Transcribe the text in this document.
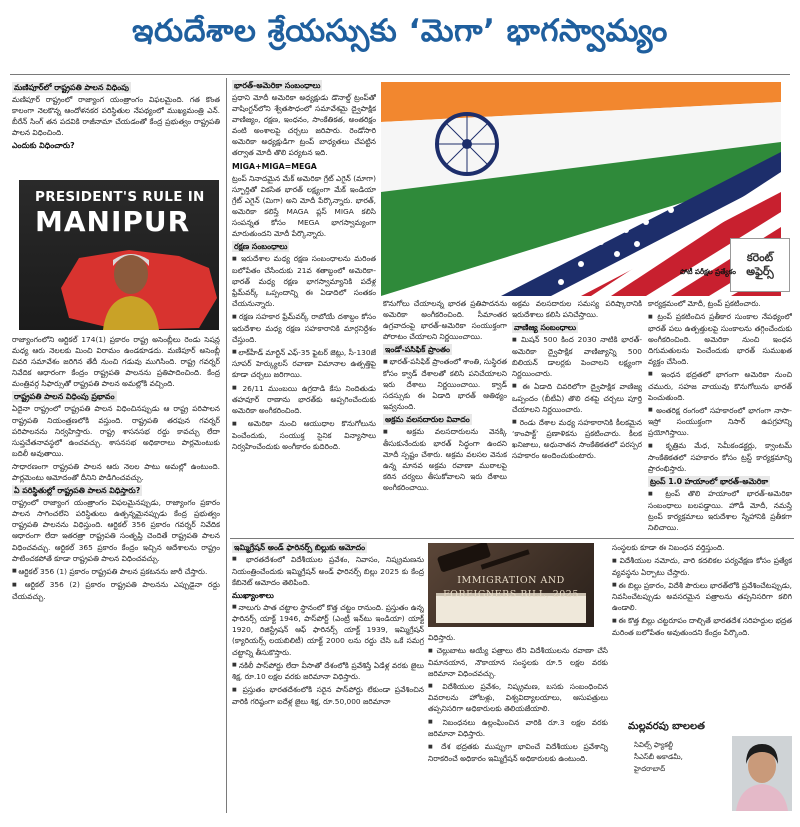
ఇరుదేశాల శ్రేయస్సుకు ‘మెగా’ భాగస్వామ్యం
మణిపూర్‌లో రాష్ట్రపతి పాలన విధింపు

మణిపూర్ రాష్ట్రంలో రాజ్యాంగ యంత్రాంగం విఫలమైంది. గత కొంత కాలంగా నెలకొన్న ఆందోళనకర పరిస్థితుల నేపథ్యంలో ముఖ్యమంత్రి ఎన్. బీరేన్ సింగ్ తన పదవికి రాజీనామా చేయడంతో కేంద్ర ప్రభుత్వం రాష్ట్రపతి పాలన విధించింది.

ఎందుకు విధించారు?
PRESIDENT'S RULE IN
MANIPUR

రాజ్యాంగంలోని ఆర్టికల్ 174(1) ప్రకారం రాష్ట్ర అసెంబ్లీలు రెండు సెషన్ల మధ్య ఆరు నెలలకు మించి విరామం ఉండకూడదు. మణిపూర్ అసెంబ్లీ చివరి సమావేశం జరిగిన తేదీ నుంచి గడువు ముగిసింది. రాష్ట్ర గవర్నర్ నివేదిక ఆధారంగా కేంద్రం రాష్ట్రపతి పాలనను ప్రతిపాదించింది. కేంద్ర మంత్రివర్గ సిఫార్సుతో రాష్ట్రపతి పాలన అమల్లోకి వచ్చింది.

రాష్ట్రపతి పాలన విధింపు ప్రభావం

ఏదైనా రాష్ట్రంలో రాష్ట్రపతి పాలన విధించినప్పుడు ఆ రాష్ట్ర పరిపాలన రాష్ట్రపతి నియంత్రణలోకి వస్తుంది. రాష్ట్రపతి తరఫున గవర్నర్ పరిపాలనను నిర్వహిస్తారు. రాష్ట్ర శాసనసభ రద్దు కావచ్చు లేదా సుప్తచేతనావస్థలో ఉంచవచ్చు. శాసనసభ అధికారాలు పార్లమెంటుకు బదిలీ అవుతాయి.

సాధారణంగా రాష్ట్రపతి పాలన ఆరు నెలల పాటు అమల్లో ఉంటుంది. పార్లమెంటు ఆమోదంతో దీనిని పొడిగించవచ్చు.

ఏ పరిస్థితుల్లో రాష్ట్రపతి పాలన విధిస్తారు?

రాష్ట్రంలో రాజ్యాంగ యంత్రాంగం విఫలమైనప్పుడు, రాజ్యాంగం ప్రకారం పాలన సాగించలేని పరిస్థితులు ఉత్పన్నమైనప్పుడు కేంద్ర ప్రభుత్వం రాష్ట్రపతి పాలనను విధిస్తుంది. ఆర్టికల్ 356 ప్రకారం గవర్నర్ నివేదిక ఆధారంగా లేదా ఇతరత్రా రాష్ట్రపతి సంతృప్తి చెందితే రాష్ట్రపతి పాలన విధించవచ్చు. ఆర్టికల్ 365 ప్రకారం కేంద్రం ఇచ్చిన ఆదేశాలను రాష్ట్రం పాటించకపోతే కూడా రాష్ట్రపతి పాలన విధించవచ్చు.

■ ఆర్టికల్ 356 (1) ప్రకారం రాష్ట్రపతి పాలన ప్రకటనను జారీ చేస్తారు.

■ ఆర్టికల్ 356 (2) ప్రకారం రాష్ట్రపతి పాలనను ఎప్పుడైనా రద్దు చేయవచ్చు.

భారత్-అమెరికా సంబంధాలు

ప్రధాని మోదీ అమెరికా అధ్యక్షుడు డొనాల్డ్ ట్రంప్‌తో వాషింగ్టన్‌లోని శ్వేతసౌధంలో సమావేశమై ద్వైపాక్షిక వాణిజ్యం, రక్షణ, ఇంధనం, సాంకేతికత, అంతరిక్షం వంటి అంశాలపై చర్చలు జరిపారు. రెండోసారి అమెరికా అధ్యక్షుడిగా ట్రంప్ బాధ్యతలు చేపట్టిన తర్వాత మోదీ తొలి పర్యటన ఇది.

MIGA+MIGA=MEGA

ట్రంప్ నినాదమైన మేక్ అమెరికా గ్రేట్ ఎగైన్ (మాగా) స్ఫూర్తితో వికసిత భారత్ లక్ష్యంగా మేక్ ఇండియా గ్రేట్ ఎగైన్ (మిగా) అని మోదీ పేర్కొన్నారు. భారత్, అమెరికా కలిస్తే MAGA ప్లస్ MIGA కలిసి సంపన్నత కోసం MEGA భాగస్వామ్యంగా మారుతుందని మోదీ పేర్కొన్నారు.

రక్షణ సంబంధాలు

■ ఇరుదేశాల మధ్య రక్షణ సంబంధాలను మరింత బలోపేతం చేసేందుకు 21వ శతాబ్దంలో అమెరికా-భారత్ మధ్య రక్షణ భాగస్వామ్యానికి పదేళ్ల ఫ్రేమ్‌వర్క్ ఒప్పందాన్ని ఈ ఏడాదిలో సంతకం చేయనున్నారు.

■ రక్షణ సహకార ఫ్రేమ్‌వర్క్ రాబోయే దశాబ్దం కోసం ఇరుదేశాల మధ్య రక్షణ సహకారానికి మార్గనిర్దేశం చేస్తుంది.

■ లాక్‌హీడ్ మార్టిన్ ఎఫ్-35 ఫైటర్ జెట్లు, సీ-130జే సూపర్ హెర్క్యులస్ రవాణా విమానాల ఉత్పత్తిపై కూడా చర్చలు జరిగాయి.

■ 26/11 ముంబయి ఉగ్రదాడి కేసు నిందితుడు తహవూర్ రాణాను భారత్‌కు అప్పగించేందుకు అమెరికా అంగీకరించింది.

■ అమెరికా నుంచి ఆయుధాల కొనుగోలును పెంచేందుకు, సంయుక్త సైనిక విన్యాసాలు నిర్వహించేందుకు అంగీకారం కుదిరింది.

కరెంట్
అఫైర్స్
పోటీ పరీక్షల ప్రత్యేకం

కొనుగోలు చేయాలన్న భారత ప్రతిపాదనను అమెరికా అంగీకరించింది. సీమాంతర ఉగ్రవాదంపై భారత్-అమెరికా సంయుక్తంగా పోరాటం చేయాలని నిర్ణయించాయి.

ఇండో-పసిఫిక్ ప్రాంతం

■ భారత్-పసిఫిక్ ప్రాంతంలో శాంతి, సుస్థిరత కోసం క్వాడ్ దేశాలతో కలిసి పనిచేయాలని ఇరు దేశాలు నిర్ణయించాయి. క్వాడ్ సదస్సుకు ఈ ఏడాది భారత్ ఆతిథ్యం ఇవ్వనుంది.

అక్రమ వలసదారుల వివాదం

■ అక్రమ వలసదారులను వెనక్కి తీసుకునేందుకు భారత్ సిద్ధంగా ఉందని మోదీ స్పష్టం చేశారు. అక్రమ వలసల వెనుక ఉన్న మానవ అక్రమ రవాణా ముఠాలపై కఠిన చర్యలు తీసుకోవాలని ఇరు దేశాలు అంగీకరించాయి.

అక్రమ వలసదారుల సమస్య పరిష్కారానికి ఇరుదేశాలు కలిసి పనిచేస్తాయి.

వాణిజ్య సంబంధాలు

■ మిషన్ 500 కింద 2030 నాటికి భారత్-అమెరికా ద్వైపాక్షిక వాణిజ్యాన్ని 500 బిలియన్ డాలర్లకు పెంచాలని లక్ష్యంగా నిర్ణయించారు.

■ ఈ ఏడాది చివరిలోగా ద్వైపాక్షిక వాణిజ్య ఒప్పందం (బీటీఏ) తొలి దశపై చర్చలు పూర్తి చేయాలని నిర్ణయించారు.

■ రెండు దేశాల మధ్య సహకారానికి కీలకమైన ‘కాంపాక్ట్’ ప్రణాళికను ప్రకటించారు. కీలక ఖనిజాలు, అధునాతన సాంకేతికతలో పరస్పర సహకారం అందించుకుంటారు.

కార్యక్రమంలో మోదీ, ట్రంప్ ప్రకటించారు.

■ ట్రంప్ ప్రకటించిన ప్రతీకార సుంకాల నేపథ్యంలో భారత్ పలు ఉత్పత్తులపై సుంకాలను తగ్గించేందుకు అంగీకరించింది. అమెరికా నుంచి ఇంధన దిగుమతులను పెంచేందుకు భారత్ సుముఖత వ్యక్తం చేసింది.

■ ఇంధన భద్రతలో భాగంగా అమెరికా నుంచి చమురు, సహజ వాయువు కొనుగోలును భారత్ పెంచుతుంది.

■ అంతరిక్ష రంగంలో సహకారంలో భాగంగా నాసా-ఇస్రో సంయుక్తంగా నిసార్ ఉపగ్రహాన్ని ప్రయోగిస్తాయి.

■ కృత్రిమ మేధ, సెమీకండక్టర్లు, క్వాంటమ్ సాంకేతికతలో సహకారం కోసం ట్రస్ట్ కార్యక్రమాన్ని ప్రారంభిస్తారు.

ట్రంప్ 1.0 హయాంలో భారత్-అమెరికా

■ ట్రంప్ తొలి హయాంలో భారత్-అమెరికా సంబంధాలు బలపడ్డాయి. హౌడీ మోదీ, నమస్తే ట్రంప్ కార్యక్రమాలు ఇరుదేశాల స్నేహానికి ప్రతీకగా నిలిచాయి.

ఇమ్మిగ్రేషన్ అండ్ ఫారినర్స్ బిల్లుకు ఆమోదం

■ భారతదేశంలో విదేశీయుల ప్రవేశం, నివాసం, నిష్క్రమణను నియంత్రించేందుకు ఇమ్మిగ్రేషన్ అండ్ ఫారినర్స్ బిల్లు 2025 కు కేంద్ర కేబినెట్ ఆమోదం తెలిపింది.

ముఖ్యాంశాలు

■ నాలుగు పాత చట్టాల స్థానంలో కొత్త చట్టం రానుంది. ప్రస్తుతం ఉన్న ఫారినర్స్ యాక్ట్ 1946, పాస్‌పోర్ట్ (ఎంట్రీ ఇన్‌టు ఇండియా) యాక్ట్ 1920, రిజిస్ట్రేషన్ ఆఫ్ ఫారినర్స్ యాక్ట్ 1939, ఇమ్మిగ్రేషన్ (క్యారియర్స్ లయబిలిటీ) యాక్ట్ 2000 లను రద్దు చేసి ఒకే సమగ్ర చట్టాన్ని తీసుకొస్తారు.

■ నకిలీ పాస్‌పోర్టు లేదా వీసాతో దేశంలోకి ప్రవేశిస్తే ఏడేళ్ల వరకు జైలు శిక్ష, రూ.10 లక్షల వరకు జరిమానా విధిస్తారు.

■ ప్రస్తుతం భారతదేశంలోకి సరైన పాస్‌పోర్టు లేకుండా ప్రవేశించిన వారికి గరిష్ఠంగా ఐదేళ్ల జైలు శిక్ష, రూ.50,000 జరిమానా

IMMIGRATION AND
FOREIGNERS BILL, 2025

విధిస్తారు.

■ చెల్లుబాటు అయ్యే పత్రాలు లేని విదేశీయులను రవాణా చేసే విమానయాన, నౌకాయాన సంస్థలకు రూ.5 లక్షల వరకు జరిమానా విధించవచ్చు.

■ విదేశీయుల ప్రవేశం, నిష్క్రమణ, బసకు సంబంధించిన వివరాలను హోటళ్లు, విశ్వవిద్యాలయాలు, ఆసుపత్రులు తప్పనిసరిగా అధికారులకు తెలియజేయాలి.

■ నిబంధనలు ఉల్లంఘించిన వారికి రూ.3 లక్షల వరకు జరిమానా విధిస్తారు.

■ దేశ భద్రతకు ముప్పుగా భావించే విదేశీయుల ప్రవేశాన్ని నిరాకరించే అధికారం ఇమ్మిగ్రేషన్ అధికారులకు ఉంటుంది.

సంస్థలకు కూడా ఈ నిబంధన వర్తిస్తుంది.

■ విదేశీయుల నమోదు, వారి కదలికల పర్యవేక్షణ కోసం ప్రత్యేక వ్యవస్థను ఏర్పాటు చేస్తారు.

■ ఈ బిల్లు ప్రకారం, విదేశీ పౌరులు భారత్‌లోకి ప్రవేశించేటప్పుడు, నివసించేటప్పుడు అవసరమైన పత్రాలను తప్పనిసరిగా కలిగి ఉండాలి.

■ ఈ కొత్త బిల్లు చట్టరూపం దాల్చితే భారతదేశ సరిహద్దుల భద్రత మరింత బలోపేతం అవుతుందని కేంద్రం పేర్కొంది.

మల్లవరపు బాలలత
సివిల్స్ ఫ్యాకల్టీ
సీఎస్‌బీ అకాడమీ,
హైదరాబాద్
